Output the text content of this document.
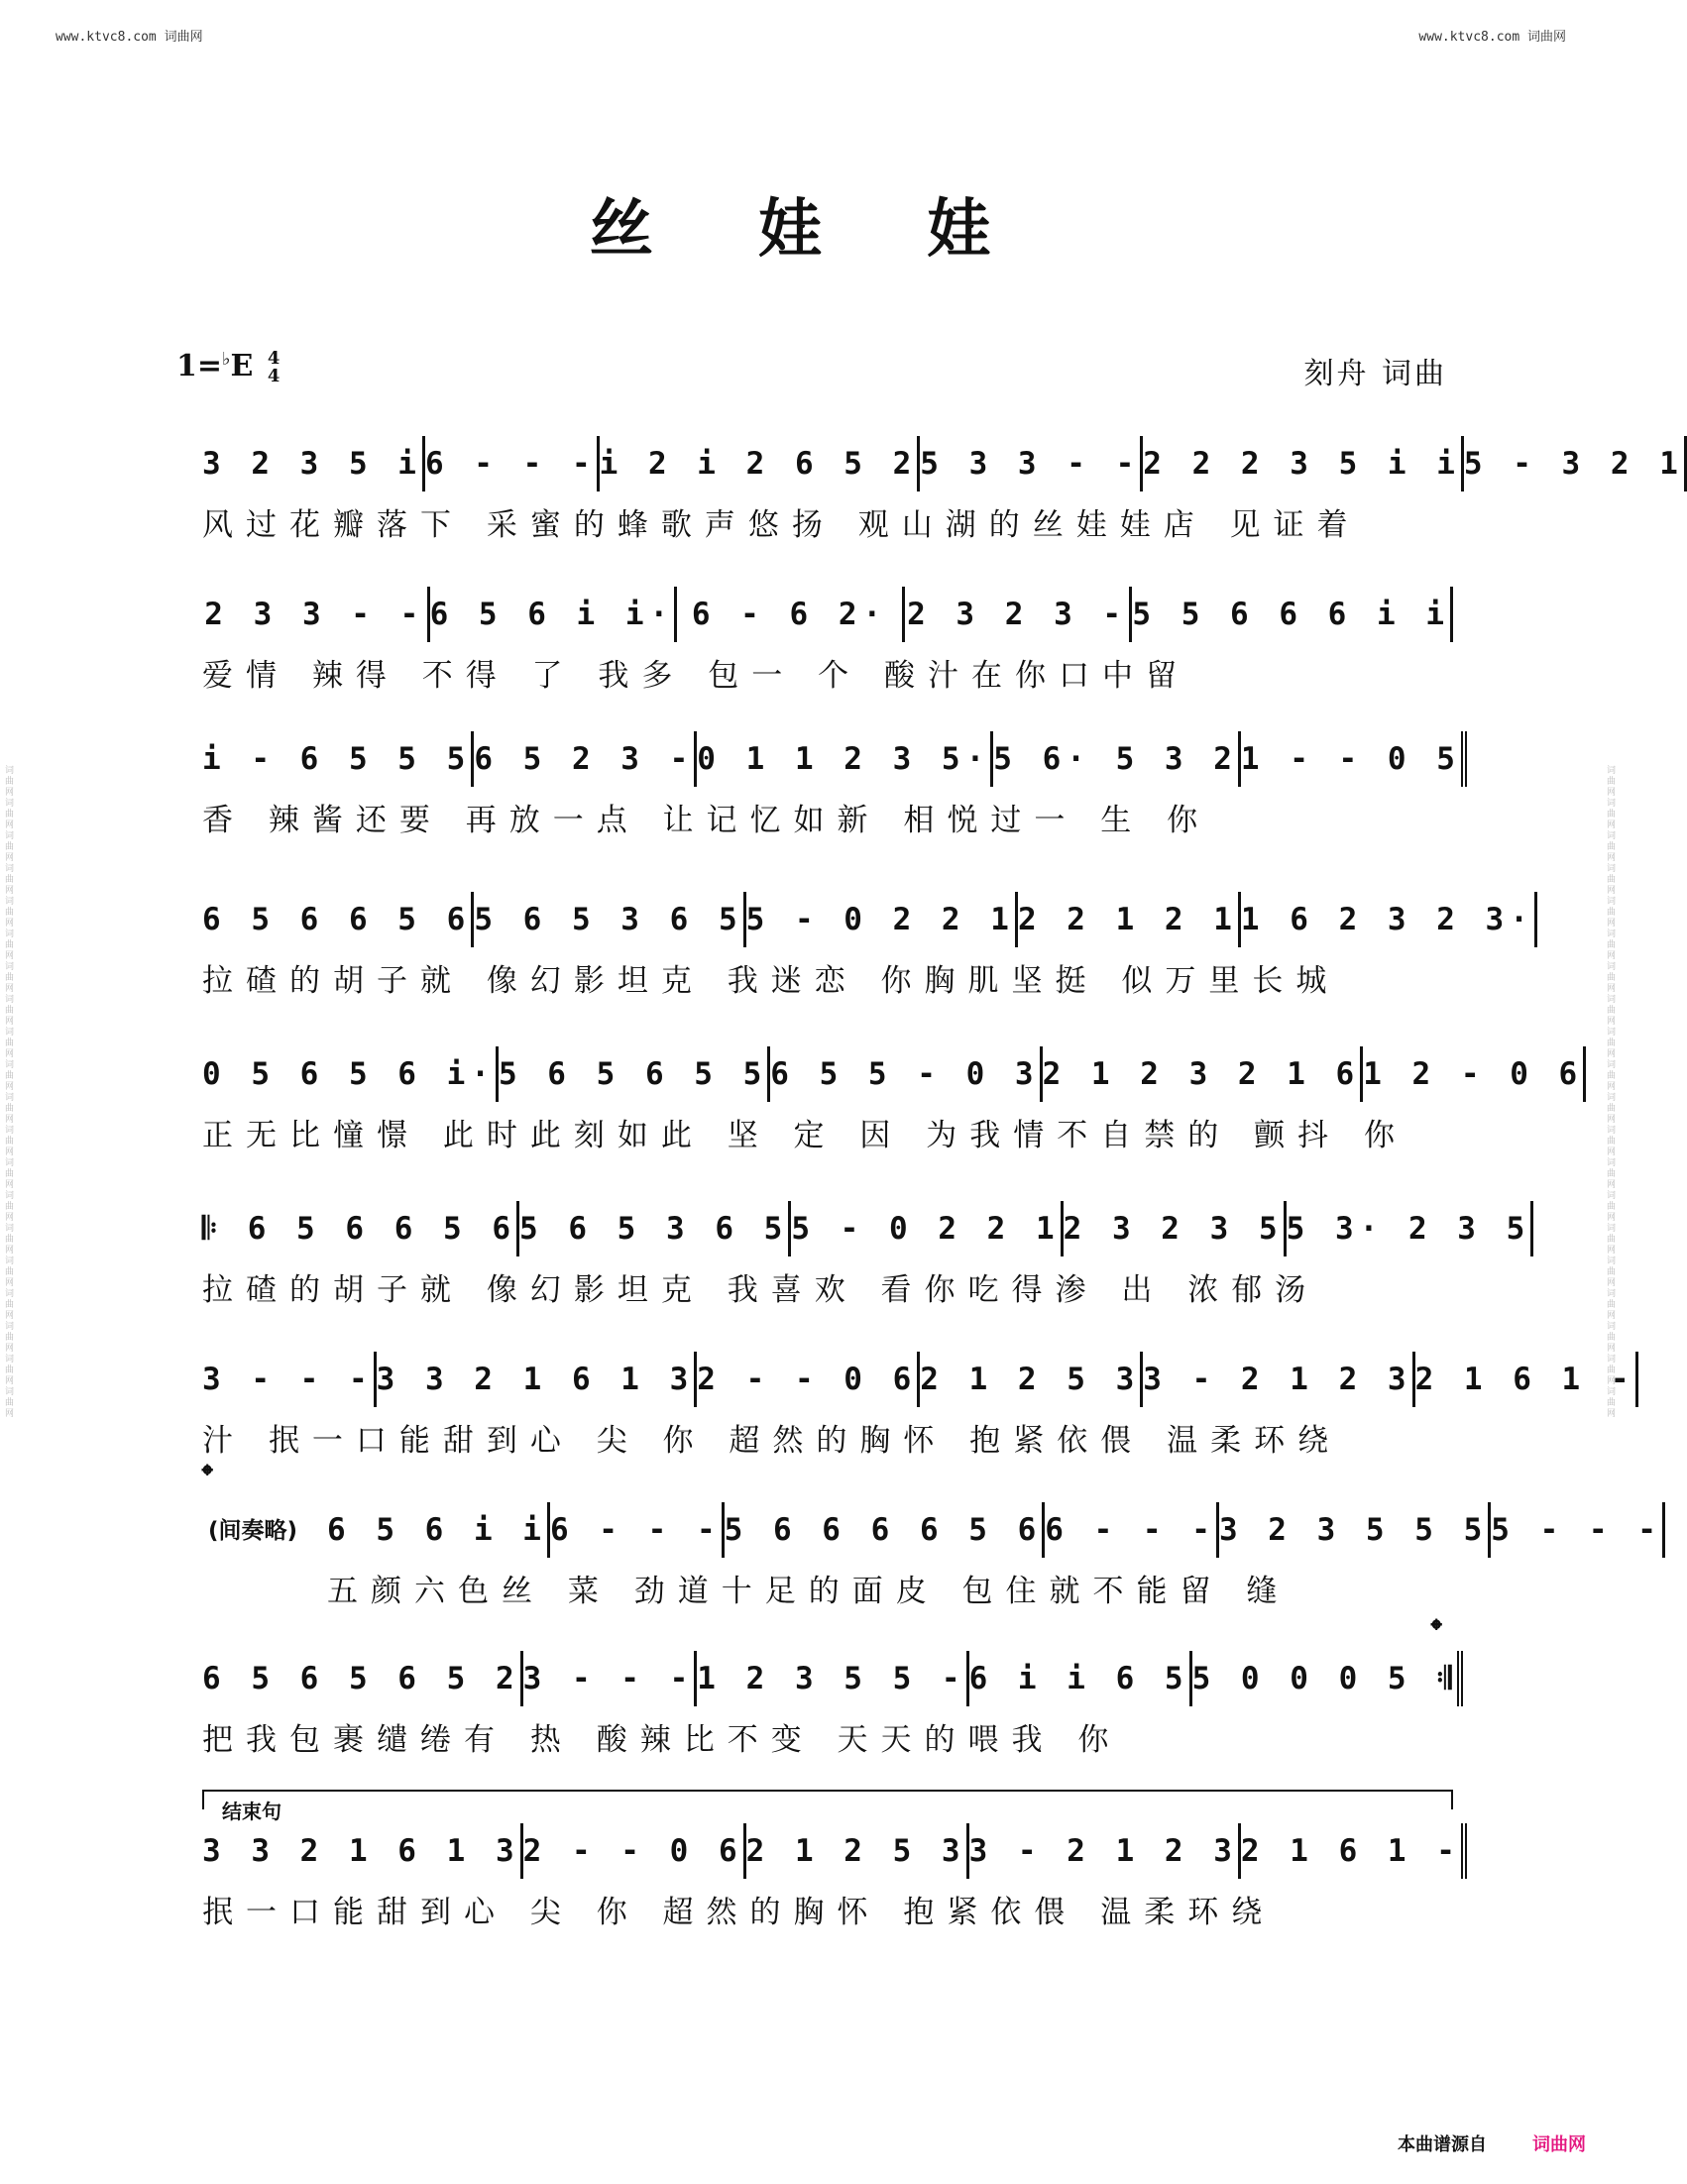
词曲网词曲网词曲网词曲网词曲网词曲网词曲网词曲网词曲网词曲网词曲网词曲网词曲网词曲网词曲网词曲网词曲网词曲网词曲网词曲网	词曲网词曲网词曲网词曲网词曲网词曲网词曲网词曲网词曲网词曲网词曲网词曲网词曲网词曲网词曲网词曲网词曲网词曲网词曲网词曲网
www.ktvc8.com 词曲网	www.ktvc8.com 词曲网
丝 娃 娃
1=♭E 4
4	刻舟 词曲
3 2 3 5 i 6 - - - i 2 i 2 6 5 2 5 3 3 - - 2 2 2 3 5 i i 5 - 3 2 1
风过花瓣落下 采蜜的蜂歌声悠扬 观山湖的丝娃娃店 见证着
2 3 3 - - 6 5 6 i i· 6 - 6 2· 2 3 2 3 - 5 5 6 6 6 i i
爱情 辣得 不得 了 我多 包一 个 酸汁在你口中留
i - 6 5 5 5 6 5 2 3 - 0 1 1 2 3 5· 5 6· 5 3 2 1 - - 0 5
香 辣酱还要 再放一点 让记忆如新 相悦过一 生 你
6 5 6 6 5 6 5 6 5 3 6 5 5 - 0 2 2 1 2 2 1 2 1 1 6 2 3 2 3·
拉碴的胡子就 像幻影坦克 我迷恋 你胸肌坚挺 似万里长城
0 5 6 5 6 i· 5 6 5 6 5 5 6 5 5 - 0 3 2 1 2 3 2 1 6 1 2 - 0 6
正无比憧憬 此时此刻如此 坚 定 因 为我情不自禁的 颤抖 你
𝄆 6 5 6 6 5 6 5 6 5 3 6 5 5 - 0 2 2 1 2 3 2 3 5 5 3· 2 3 5
拉碴的胡子就 像幻影坦克 我喜欢 看你吃得渗 出 浓郁汤
3 - - - 3 3 2 1 6 1 3 2 - - 0 6 2 1 2 5 3 3 - 2 1 2 3 2 1 6 1 -
汁 抿一口能甜到心 尖 你 超然的胸怀 抱紧依偎 温柔环绕
6 5 6 i i 6 - - - 5 6 6 6 6 5 6 6 - - - 3 2 3 5 5 5 5 - - -
五颜六色丝 菜 劲道十足的面皮 包住就不能留 缝
6 5 6 5 6 5 2 3 - - - 1 2 3 5 5 - 6 i i 6 5 5 0 0 0 5 𝄇
把我包裹缱绻有 热 酸辣比不变 天天的喂我 你
3 3 2 1 6 1 3 2 - - 0 6 2 1 2 5 3 3 - 2 1 2 3 2 1 6 1 -
抿一口能甜到心 尖 你 超然的胸怀 抱紧依偎 温柔环绕
𝄌
𝄌
(间奏略)
结束句
本曲谱源自	词曲网
